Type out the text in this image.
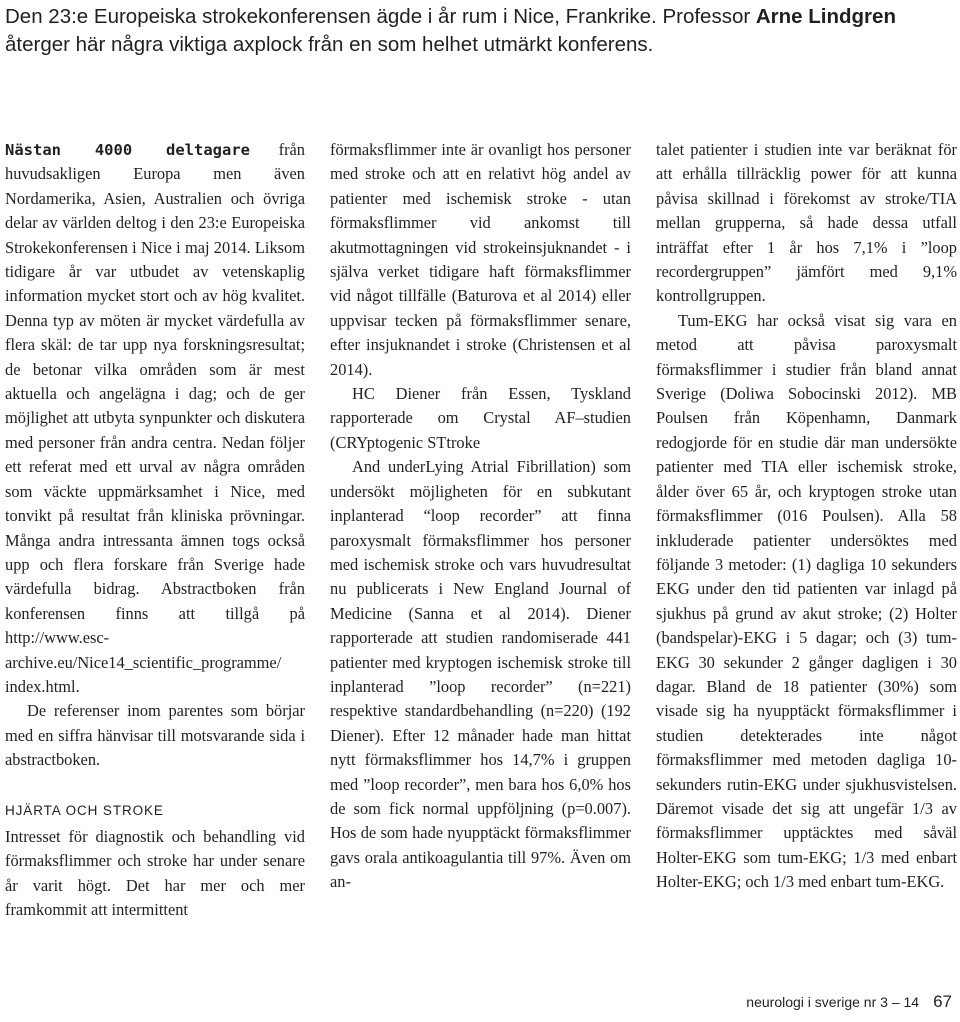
Den 23:e Europeiska strokekonferensen ägde i år rum i Nice, Frankrike. Professor Arne Lindgren återger här några viktiga axplock från en som helhet utmärkt konferens.

Nästan 4000 deltagare från huvudsakligen Europa men även Nordamerika, Asien, Australien och övriga delar av världen deltog i den 23:e Europeiska Strokekonferensen i Nice i maj 2014. Liksom tidigare år var utbudet av vetenskaplig information mycket stort och av hög kvalitet. Denna typ av möten är mycket värdefulla av flera skäl: de tar upp nya forskningsresultat; de betonar vilka områden som är mest aktuella och angelägna i dag; och de ger möjlighet att utbyta synpunkter och diskutera med personer från andra centra. Nedan följer ett referat med ett urval av några områden som väckte uppmärksamhet i Nice, med tonvikt på resultat från kliniska prövningar. Många andra intressanta ämnen togs också upp och flera forskare från Sverige hade värdefulla bidrag. Abstractboken från konferensen finns att tillgå på http://www.esc-archive.eu/Nice14_scientific_programme/ index.html.

De referenser inom parentes som börjar med en siffra hänvisar till motsvarande sida i abstractboken.

HJÄRTA OCH STROKE

Intresset för diagnostik och behandling vid förmaksflimmer och stroke har under senare år varit högt. Det har mer och mer framkommit att intermittent

förmaksflimmer inte är ovanligt hos personer med stroke och att en relativt hög andel av patienter med ischemisk stroke - utan förmaksflimmer vid ankomst till akutmottagningen vid strokeinsjuknandet - i själva verket tidigare haft förmaksflimmer vid något tillfälle (Baturova et al 2014) eller uppvisar tecken på förmaksflimmer senare, efter insjuknandet i stroke (Christensen et al 2014).

HC Diener från Essen, Tyskland rapporterade om Crystal AF–studien (CRYptogenic STtroke

And underLying Atrial Fibrillation) som undersökt möjligheten för en subkutant inplanterad “loop recorder” att finna paroxysmalt förmaksflimmer hos personer med ischemisk stroke och vars huvudresultat nu publicerats i New England Journal of Medicine (Sanna et al 2014). Diener rapporterade att studien randomiserade 441 patienter med kryptogen ischemisk stroke till inplanterad ”loop recorder” (n=221) respektive standardbehandling (n=220) (192 Diener). Efter 12 månader hade man hittat nytt förmaksflimmer hos 14,7% i gruppen med ”loop recorder”, men bara hos 6,0% hos de som fick normal uppföljning (p=0.007). Hos de som hade nyupptäckt förmaksflimmer gavs orala antikoagulantia till 97%. Även om an-

talet patienter i studien inte var beräknat för att erhålla tillräcklig power för att kunna påvisa skillnad i förekomst av stroke/TIA mellan grupperna, så hade dessa utfall inträffat efter 1 år hos 7,1% i ”loop recordergruppen” jämfört med 9,1% kontrollgruppen.

Tum-EKG har också visat sig vara en metod att påvisa paroxysmalt förmaksflimmer i studier från bland annat Sverige (Doliwa Sobocinski 2012). MB Poulsen från Köpenhamn, Danmark redogjorde för en studie där man undersökte patienter med TIA eller ischemisk stroke, ålder över 65 år, och kryptogen stroke utan förmaksflimmer (016 Poulsen). Alla 58 inkluderade patienter undersöktes med följande 3 metoder: (1) dagliga 10 sekunders EKG under den tid patienten var inlagd på sjukhus på grund av akut stroke; (2) Holter (bandspelar)-EKG i 5 dagar; och (3) tum-EKG 30 sekunder 2 gånger dagligen i 30 dagar. Bland de 18 patienter (30%) som visade sig ha nyupptäckt förmaksflimmer i studien detekterades inte något förmaksflimmer med metoden dagliga 10-sekunders rutin-EKG under sjukhusvistelsen. Däremot visade det sig att ungefär 1/3 av förmaksflimmer upptäcktes med såväl Holter-EKG som tum-EKG; 1/3 med enbart Holter-EKG; och 1/3 med enbart tum-EKG.

neurologi i sverige nr 3 – 14 67
